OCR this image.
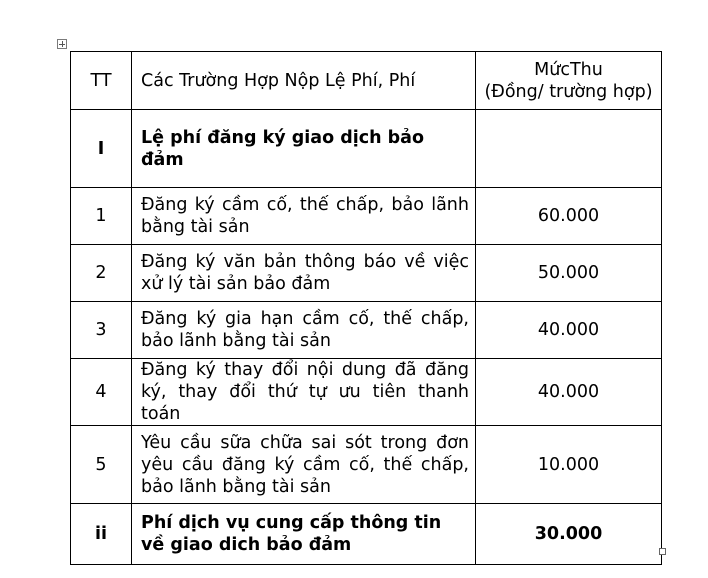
TT	Các Trường Hợp Nộp Lệ Phí, Phí	MứcThu
(Đồng/ trường hợp)

I	Lệ phí đăng ký giao dịch bảo đảm	
1	Đăng ký cầm cố, thế chấp, bảo lãnh bằng tài sản	60.000
2	Đăng ký văn bản thông báo về việc xử lý tài sản bảo đảm	50.000
3	Đăng ký gia hạn cầm cố, thế chấp, bảo lãnh bằng tài sản	40.000
4	Đăng ký thay đổi nội dung đã đăng ký, thay đổi thứ tự ưu tiên thanh toán	40.000
5	Yêu cầu sữa chữa sai sót trong đơn yêu cầu đăng ký cầm cố, thế chấp, bảo lãnh bằng tài sản	10.000
ii	Phí dịch vụ cung cấp thông tin về giao dich bảo đảm	30.000
